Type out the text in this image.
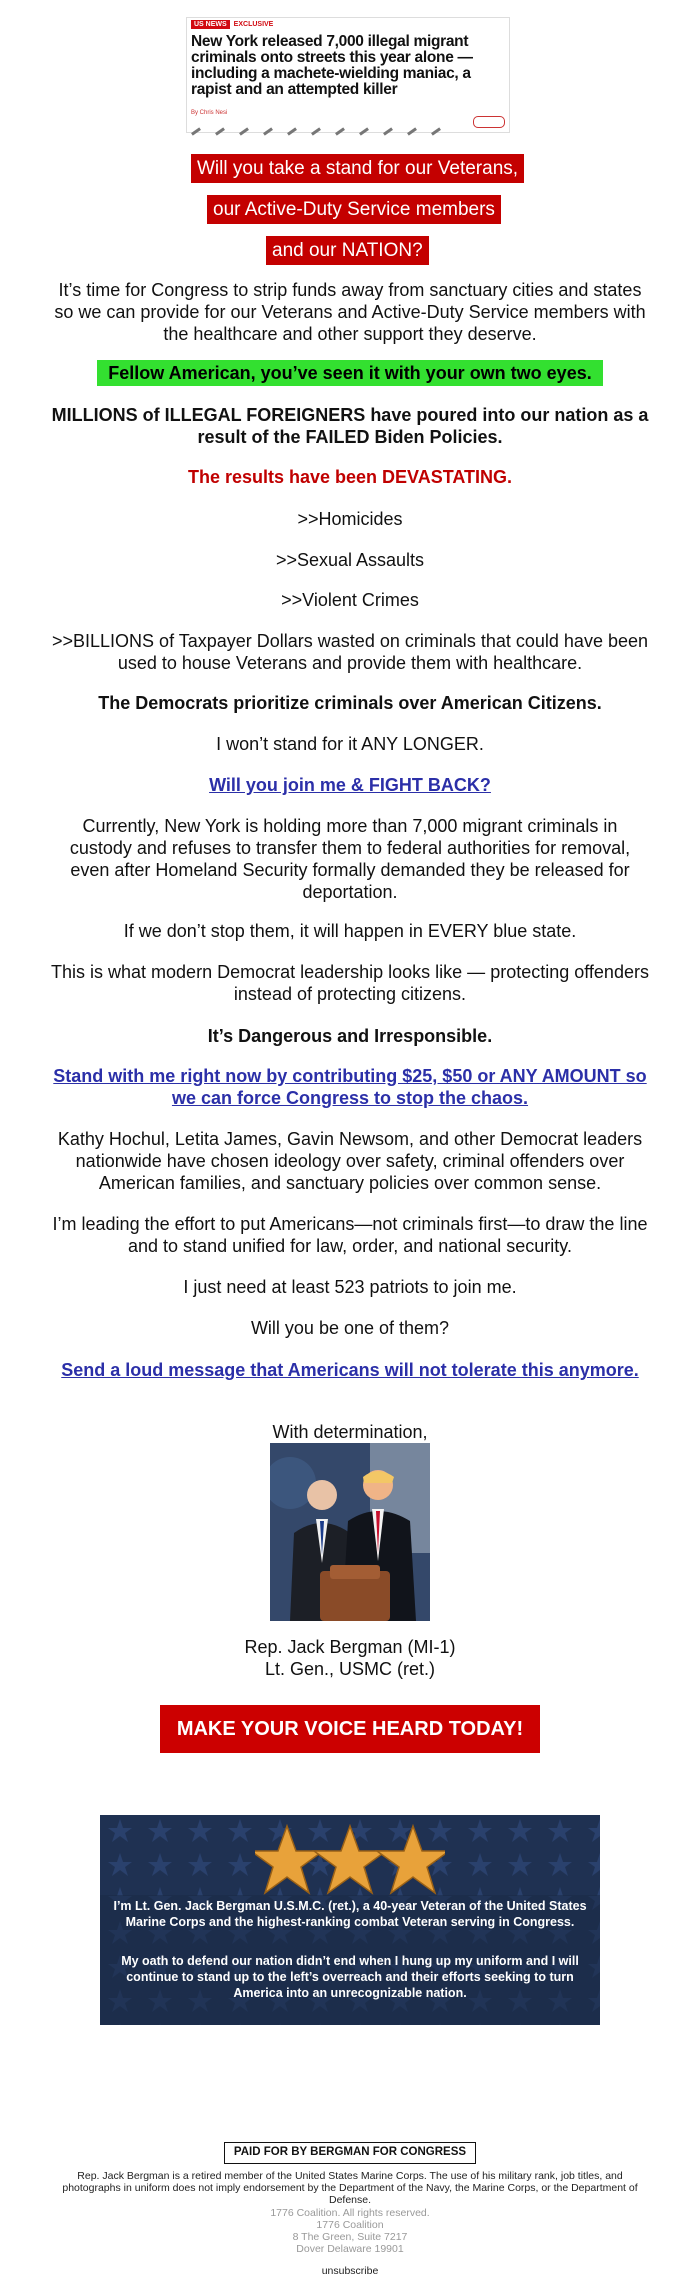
US NEWS EXCLUSIVE
New York released 7,000 illegal migrant criminals onto streets this year alone — including a machete-wielding maniac, a rapist and an attempted killer
By Chris Nesi
Will you take a stand for our Veterans,
our Active-Duty Service members
and our NATION?
It’s time for Congress to strip funds away from sanctuary cities and states so we can provide for our Veterans and Active-Duty Service members with the healthcare and other support they deserve.
Fellow American, you’ve seen it with your own two eyes.
MILLIONS of ILLEGAL FOREIGNERS have poured into our nation as a result of the FAILED Biden Policies.
The results have been DEVASTATING.
>>Homicides
>>Sexual Assaults
>>Violent Crimes
>>BILLIONS of Taxpayer Dollars wasted on criminals that could have been used to house Veterans and provide them with healthcare.
The Democrats prioritize criminals over American Citizens.
I won’t stand for it ANY LONGER.
Will you join me & FIGHT BACK?
Currently, New York is holding more than 7,000 migrant criminals in custody and refuses to transfer them to federal authorities for removal, even after Homeland Security formally demanded they be released for deportation.
If we don’t stop them, it will happen in EVERY blue state.
This is what modern Democrat leadership looks like — protecting offenders instead of protecting citizens.
It’s Dangerous and Irresponsible.
Stand with me right now by contributing $25, $50 or ANY AMOUNT so we can force Congress to stop the chaos.
Kathy Hochul, Letita James, Gavin Newsom, and other Democrat leaders nationwide have chosen ideology over safety, criminal offenders over American families, and sanctuary policies over common sense.
I’m leading the effort to put Americans—not criminals first—to draw the line and to stand unified for law, order, and national security.
I just need at least 523 patriots to join me.
Will you be one of them?
Send a loud message that Americans will not tolerate this anymore.
With determination,
Rep. Jack Bergman (MI-1)
Lt. Gen., USMC (ret.)
MAKE YOUR VOICE HEARD TODAY!
I’m Lt. Gen. Jack Bergman U.S.M.C. (ret.), a 40-year Veteran of the United States Marine Corps and the highest-ranking combat Veteran serving in Congress.
My oath to defend our nation didn’t end when I hung up my uniform and I will continue to stand up to the left’s overreach and their efforts seeking to turn America into an unrecognizable nation.
PAID FOR BY BERGMAN FOR CONGRESS
Rep. Jack Bergman is a retired member of the United States Marine Corps. The use of his military rank, job titles, and photographs in uniform does not imply endorsement by the Department of the Navy, the Marine Corps, or the Department of Defense.
1776 Coalition. All rights reserved.
1776 Coalition
8 The Green, Suite 7217
Dover Delaware 19901
unsubscribe
